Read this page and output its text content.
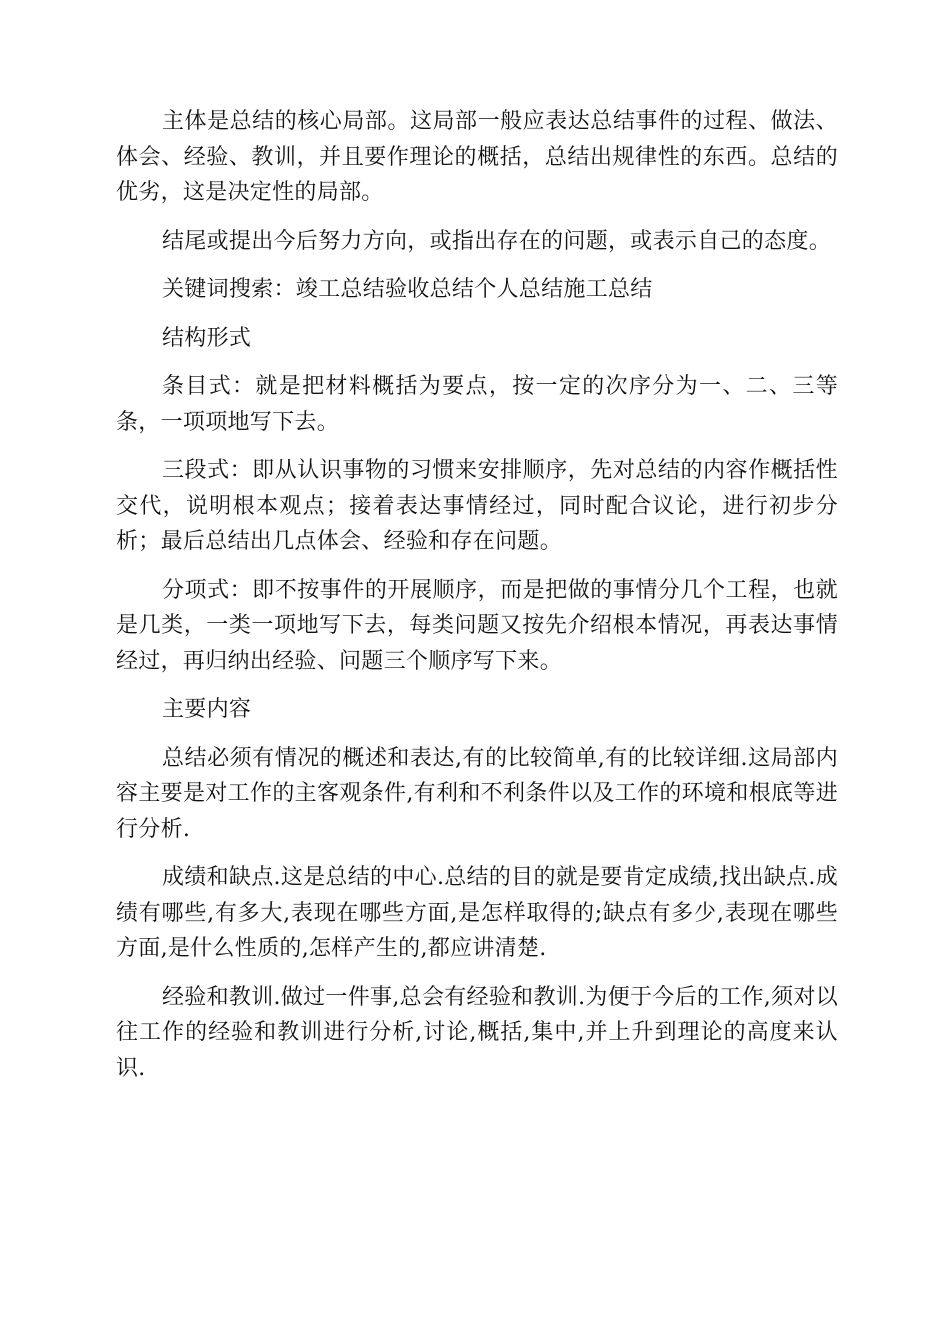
主体是总结的核心局部。这局部一般应表达总结事件的过程、做法、体会、经验、教训，并且要作理论的概括，总结出规律性的东西。总结的优劣，这是决定性的局部。

结尾或提出今后努力方向，或指出存在的问题，或表示自己的态度。

关键词搜索：竣工总结验收总结个人总结施工总结

结构形式

条目式：就是把材料概括为要点，按一定的次序分为一、二、三等条，一项项地写下去。

三段式：即从认识事物的习惯来安排顺序，先对总结的内容作概括性交代，说明根本观点；接着表达事情经过，同时配合议论，进行初步分析；最后总结出几点体会、经验和存在问题。

分项式：即不按事件的开展顺序，而是把做的事情分几个工程，也就是几类，一类一项地写下去，每类问题又按先介绍根本情况，再表达事情经过，再归纳出经验、问题三个顺序写下来。

主要内容

总结必须有情况的概述和表达,有的比较简单,有的比较详细.这局部内容主要是对工作的主客观条件,有利和不利条件以及工作的环境和根底等进行分析.

成绩和缺点.这是总结的中心.总结的目的就是要肯定成绩,找出缺点.成绩有哪些,有多大,表现在哪些方面,是怎样取得的;缺点有多少,表现在哪些方面,是什么性质的,怎样产生的,都应讲清楚.

经验和教训.做过一件事,总会有经验和教训.为便于今后的工作,须对以往工作的经验和教训进行分析,讨论,概括,集中,并上升到理论的高度来认识.
